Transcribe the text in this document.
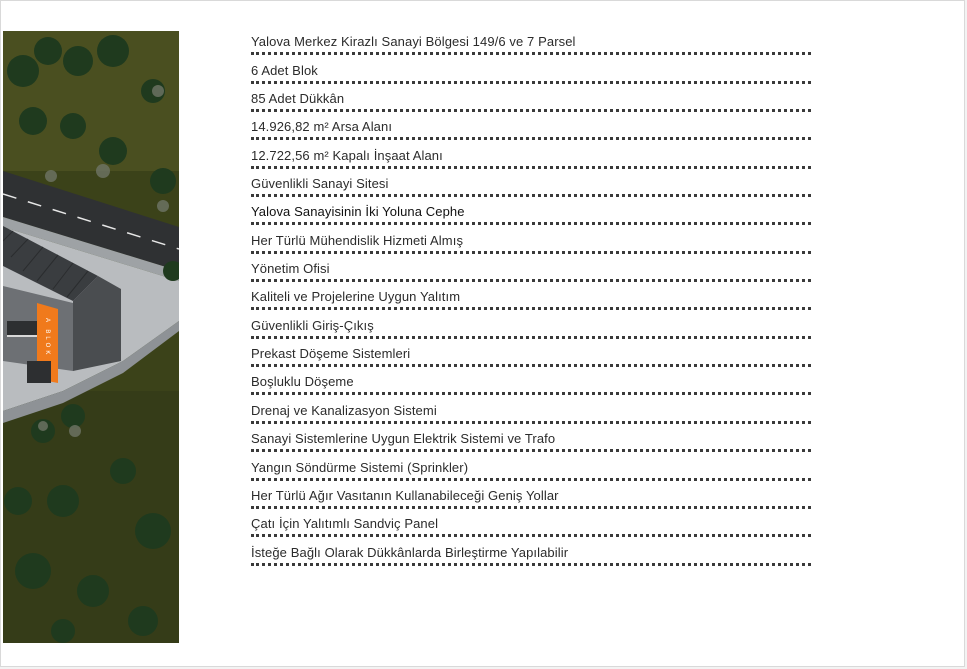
A BLOK
Yalova Merkez Kirazlı Sanayi Bölgesi 149/6 ve 7 Parsel
6 Adet Blok
85 Adet Dükkân
14.926,82 m² Arsa Alanı
12.722,56 m² Kapalı İnşaat Alanı
Güvenlikli Sanayi Sitesi
Yalova Sanayisinin İki Yoluna Cephe
Her Türlü Mühendislik Hizmeti Almış
Yönetim Ofisi
Kaliteli ve Projelerine Uygun Yalıtım
Güvenlikli Giriş-Çıkış
Prekast Döşeme Sistemleri
Boşluklu Döşeme
Drenaj ve Kanalizasyon Sistemi
Sanayi Sistemlerine Uygun Elektrik Sistemi ve Trafo
Yangın Söndürme Sistemi (Sprinkler)
Her Türlü Ağır Vasıtanın Kullanabileceği Geniş Yollar
Çatı İçin Yalıtımlı Sandviç Panel
İsteğe Bağlı Olarak Dükkânlarda Birleştirme Yapılabilir
